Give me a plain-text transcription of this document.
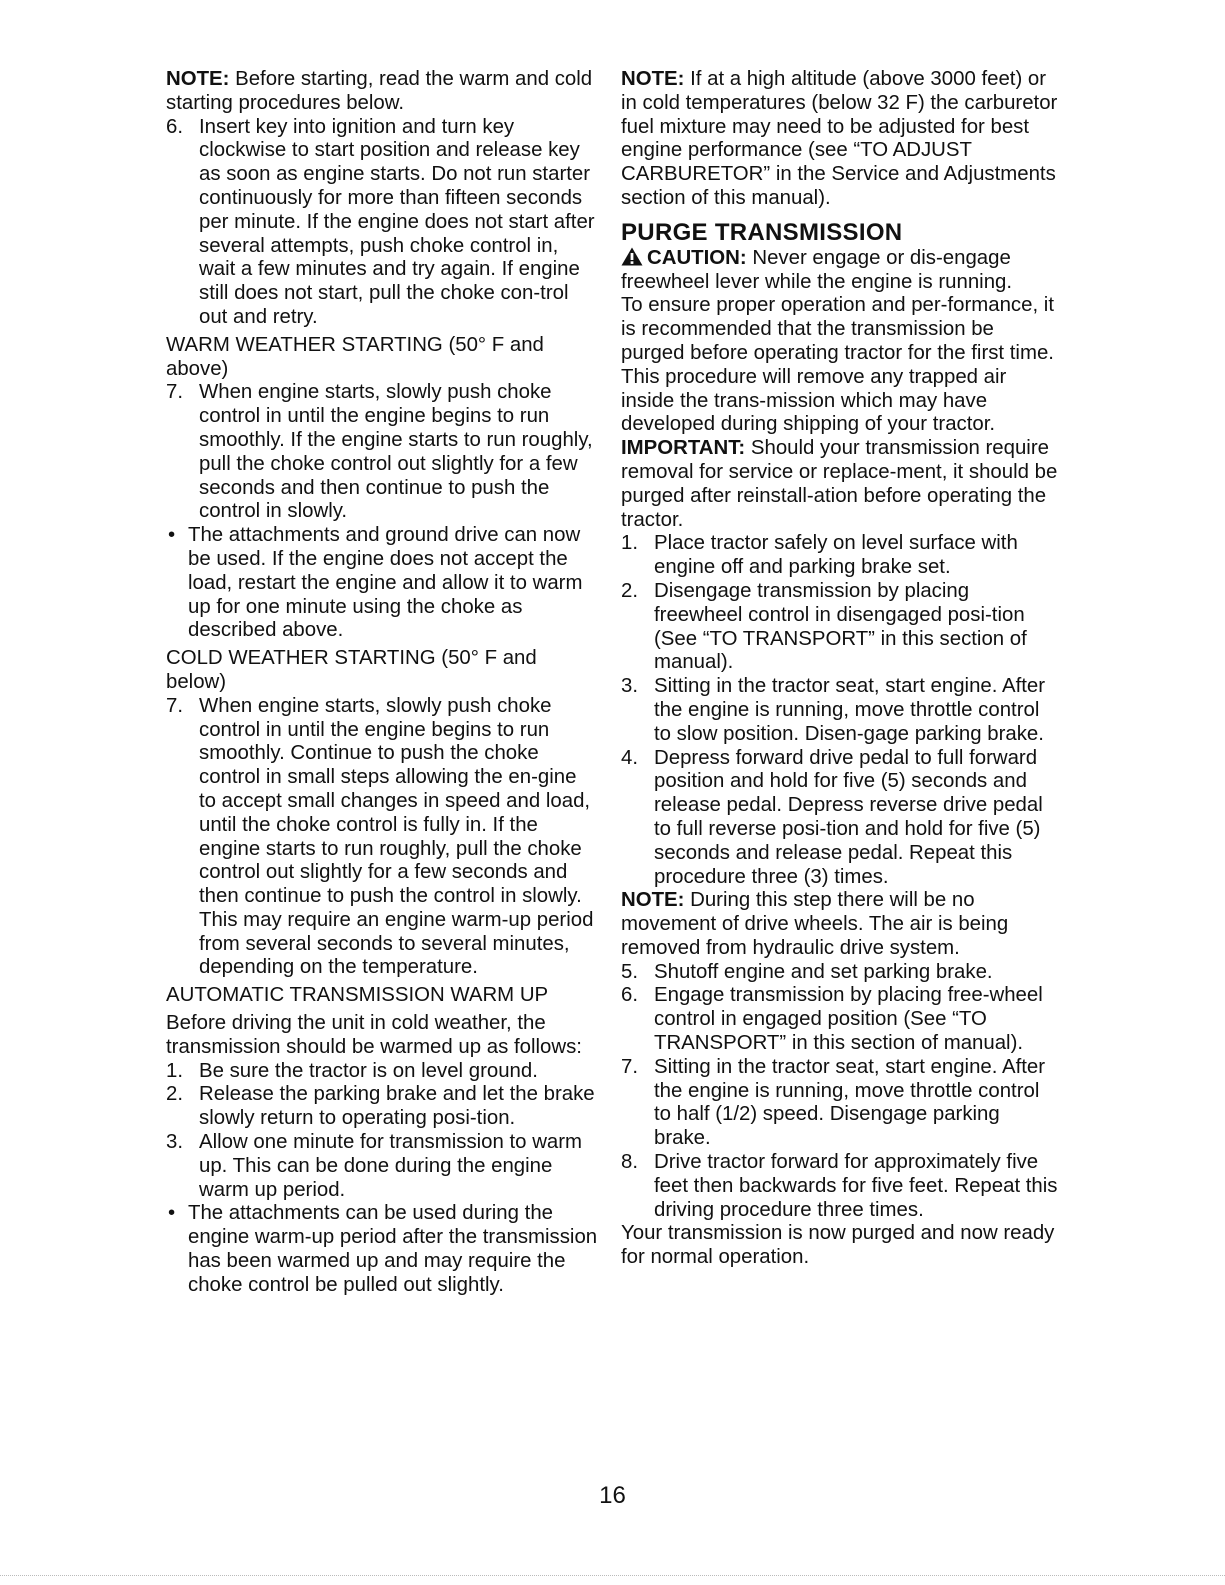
NOTE: Before starting, read the warm and cold starting procedures below.

6. Insert key into ignition and turn key clockwise to start position and release key as soon as engine starts. Do not run starter continuously for more than fifteen seconds per minute. If the engine does not start after several attempts, push choke control in, wait a few minutes and try again. If engine still does not start, pull the choke con-trol out and retry.

WARM WEATHER STARTING (50° F and above)

7. When engine starts, slowly push choke control in until the engine begins to run smoothly. If the engine starts to run roughly, pull the choke control out slightly for a few seconds and then continue to push the control in slowly.

• The attachments and ground drive can now be used. If the engine does not accept the load, restart the engine and allow it to warm up for one minute using the choke as described above.

COLD WEATHER STARTING (50° F and below)

7. When engine starts, slowly push choke control in until the engine begins to run smoothly. Continue to push the choke control in small steps allowing the en-gine to accept small changes in speed and load, until the choke control is fully in. If the engine starts to run roughly, pull the choke control out slightly for a few seconds and then continue to push the control in slowly. This may require an engine warm-up period from several seconds to several minutes, depending on the temperature.

AUTOMATIC TRANSMISSION WARM UP

Before driving the unit in cold weather, the transmission should be warmed up as follows:

1. Be sure the tractor is on level ground.

2. Release the parking brake and let the brake slowly return to operating posi-tion.

3. Allow one minute for transmission to warm up. This can be done during the engine warm up period.

• The attachments can be used during the engine warm-up period after the transmission has been warmed up and may require the choke control be pulled out slightly.

NOTE: If at a high altitude (above 3000 feet) or in cold temperatures (below 32 F) the carburetor fuel mixture may need to be adjusted for best engine performance (see “TO ADJUST CARBURETOR” in the Service and Adjustments section of this manual).

PURGE TRANSMISSION

CAUTION: Never engage or dis-engage freewheel lever while the engine is running.

To ensure proper operation and per-formance, it is recommended that the transmission be purged before operating tractor for the first time. This procedure will remove any trapped air inside the trans-mission which may have developed during shipping of your tractor.

IMPORTANT: Should your transmission require removal for service or replace-ment, it should be purged after reinstall-ation before operating the tractor.

1. Place tractor safely on level surface with engine off and parking brake set.

2. Disengage transmission by placing freewheel control in disengaged posi-tion (See “TO TRANSPORT” in this section of manual).

3. Sitting in the tractor seat, start engine. After the engine is running, move throttle control to slow position. Disen-gage parking brake.

4. Depress forward drive pedal to full forward position and hold for five (5) seconds and release pedal. Depress reverse drive pedal to full reverse posi-tion and hold for five (5) seconds and release pedal. Repeat this procedure three (3) times.

NOTE: During this step there will be no movement of drive wheels. The air is being removed from hydraulic drive system.

5. Shutoff engine and set parking brake.

6. Engage transmission by placing free-wheel control in engaged position (See “TO TRANSPORT” in this section of manual).

7. Sitting in the tractor seat, start engine. After the engine is running, move throttle control to half (1/2) speed. Disengage parking brake.

8. Drive tractor forward for approximately five feet then backwards for five feet. Repeat this driving procedure three times.

Your transmission is now purged and now ready for normal operation.

16
